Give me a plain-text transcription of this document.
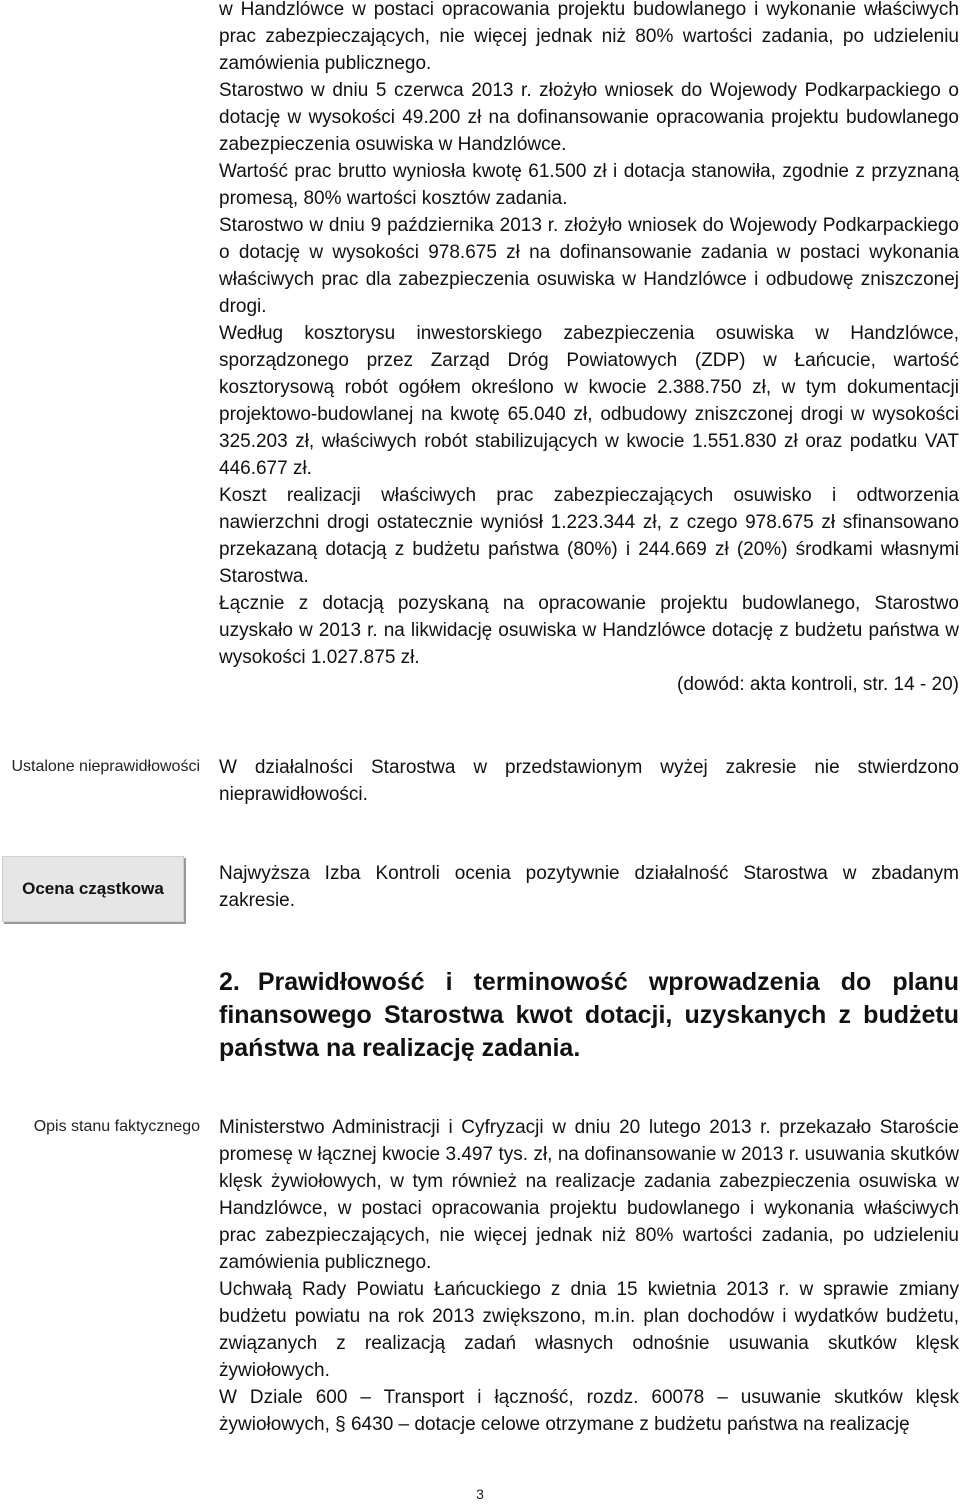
w Handzlówce w postaci opracowania projektu budowlanego i wykonanie właściwych prac zabezpieczających, nie więcej jednak niż 80% wartości zadania, po udzieleniu zamówienia publicznego.

Starostwo w dniu 5 czerwca 2013 r. złożyło wniosek do Wojewody Podkarpackiego o dotację w wysokości 49.200 zł na dofinansowanie opracowania projektu budowlanego zabezpieczenia osuwiska w Handzlówce.

Wartość prac brutto wyniosła kwotę 61.500 zł i dotacja stanowiła, zgodnie z przyznaną promesą, 80% wartości kosztów zadania.

Starostwo w dniu 9 października 2013 r. złożyło wniosek do Wojewody Podkarpackiego o dotację w wysokości 978.675 zł na dofinansowanie zadania w postaci wykonania właściwych prac dla zabezpieczenia osuwiska w Handzlówce i odbudowę zniszczonej drogi.

Według kosztorysu inwestorskiego zabezpieczenia osuwiska w Handzlówce, sporządzonego przez Zarząd Dróg Powiatowych (ZDP) w Łańcucie, wartość kosztorysową robót ogółem określono w kwocie 2.388.750 zł, w tym dokumentacji projektowo-budowlanej na kwotę 65.040 zł, odbudowy zniszczonej drogi w wysokości 325.203 zł, właściwych robót stabilizujących w kwocie 1.551.830 zł oraz podatku VAT 446.677 zł.

Koszt realizacji właściwych prac zabezpieczających osuwisko i odtworzenia nawierzchni drogi ostatecznie wyniósł 1.223.344 zł, z czego 978.675 zł sfinansowano przekazaną dotacją z budżetu państwa (80%) i 244.669 zł (20%) środkami własnymi Starostwa.

Łącznie z dotacją pozyskaną na opracowanie projektu budowlanego, Starostwo uzyskało w 2013 r. na likwidację osuwiska w Handzlówce dotację z budżetu państwa w wysokości 1.027.875 zł.

(dowód: akta kontroli, str. 14 - 20)

Ustalone nieprawidłowości W działalności Starostwa w przedstawionym wyżej zakresie nie stwierdzono nieprawidłowości.

Ocena cząstkowa

Najwyższa Izba Kontroli ocenia pozytywnie działalność Starostwa w zbadanym zakresie.

2. Prawidłowość i terminowość wprowadzenia do planu finansowego Starostwa kwot dotacji, uzyskanych z budżetu państwa na realizację zadania.
Opis stanu faktycznego Ministerstwo Administracji i Cyfryzacji w dniu 20 lutego 2013 r. przekazało Staroście promesę w łącznej kwocie 3.497 tys. zł, na dofinansowanie w 2013 r. usuwania skutków klęsk żywiołowych, w tym również na realizacje zadania zabezpieczenia osuwiska w Handzlówce, w postaci opracowania projektu budowlanego i wykonania właściwych prac zabezpieczających, nie więcej jednak niż 80% wartości zadania, po udzieleniu zamówienia publicznego.

Uchwałą Rady Powiatu Łańcuckiego z dnia 15 kwietnia 2013 r. w sprawie zmiany budżetu powiatu na rok 2013 zwiększono, m.in. plan dochodów i wydatków budżetu, związanych z realizacją zadań własnych odnośnie usuwania skutków klęsk żywiołowych.

W Dziale 600 – Transport i łączność, rozdz. 60078 – usuwanie skutków klęsk żywiołowych, § 6430 – dotacje celowe otrzymane z budżetu państwa na realizację

3
